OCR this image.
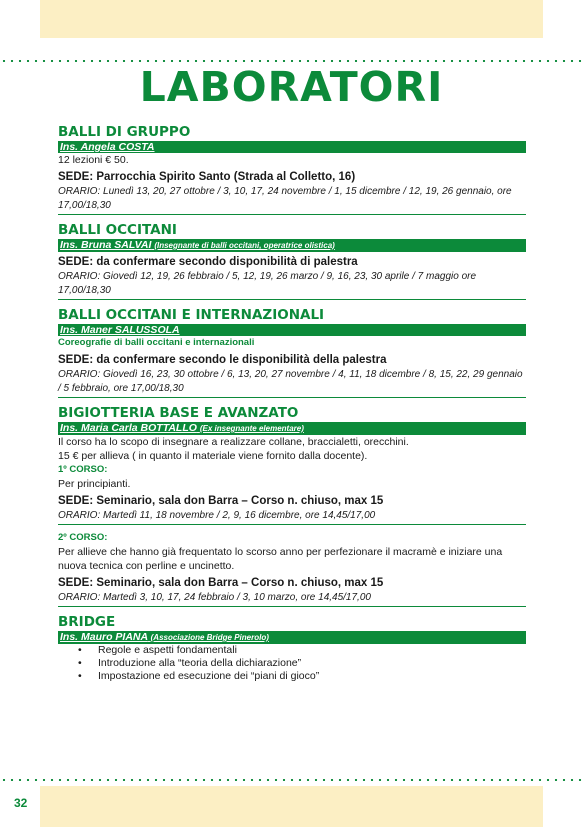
LABORATORI
BALLI DI GRUPPO
Ins. Angela COSTA
12 lezioni € 50.
SEDE: Parrocchia Spirito Santo (Strada al Colletto, 16)
ORARIO: Lunedì 13, 20, 27 ottobre / 3, 10, 17, 24 novembre / 1, 15 dicembre / 12, 19, 26 gennaio, ore 17,00/18,30
BALLI OCCITANI
Ins. Bruna SALVAI (Insegnante di balli occitani, operatrice olistica)
SEDE: da confermare secondo disponibilità di palestra
ORARIO: Giovedì 12, 19, 26 febbraio / 5, 12, 19, 26 marzo / 9, 16, 23, 30 aprile / 7 maggio ore 17,00/18,30
BALLI OCCITANI E INTERNAZIONALI
Ins. Maner SALUSSOLA
Coreografie di balli occitani e internazionali
SEDE: da confermare secondo le disponibilità della palestra
ORARIO: Giovedì 16, 23, 30 ottobre / 6, 13, 20, 27 novembre / 4, 11, 18 dicembre / 8, 15, 22, 29 gennaio / 5 febbraio, ore 17,00/18,30
BIGIOTTERIA BASE E AVANZATO
Ins. Maria Carla BOTTALLO (Ex insegnante elementare)
Il corso ha lo scopo di insegnare a realizzare collane, braccialetti, orecchini.
15 € per allieva ( in quanto il materiale viene fornito dalla docente).
1º CORSO:
Per principianti.
SEDE: Seminario, sala don Barra – Corso n. chiuso, max 15
ORARIO: Martedì 11, 18 novembre / 2, 9, 16 dicembre, ore 14,45/17,00
2º CORSO:
Per allieve che hanno già frequentato lo scorso anno per perfezionare il macramè e iniziare una nuova tecnica con perline e uncinetto.
SEDE: Seminario, sala don Barra – Corso n. chiuso, max 15
ORARIO: Martedì 3, 10, 17, 24 febbraio / 3, 10 marzo, ore 14,45/17,00
BRIDGE
Ins. Mauro PIANA (Associazione Bridge Pinerolo)
• Regole e aspetti fondamentali
• Introduzione alla “teoria della dichiarazione”
• Impostazione ed esecuzione dei “piani di gioco”
32
